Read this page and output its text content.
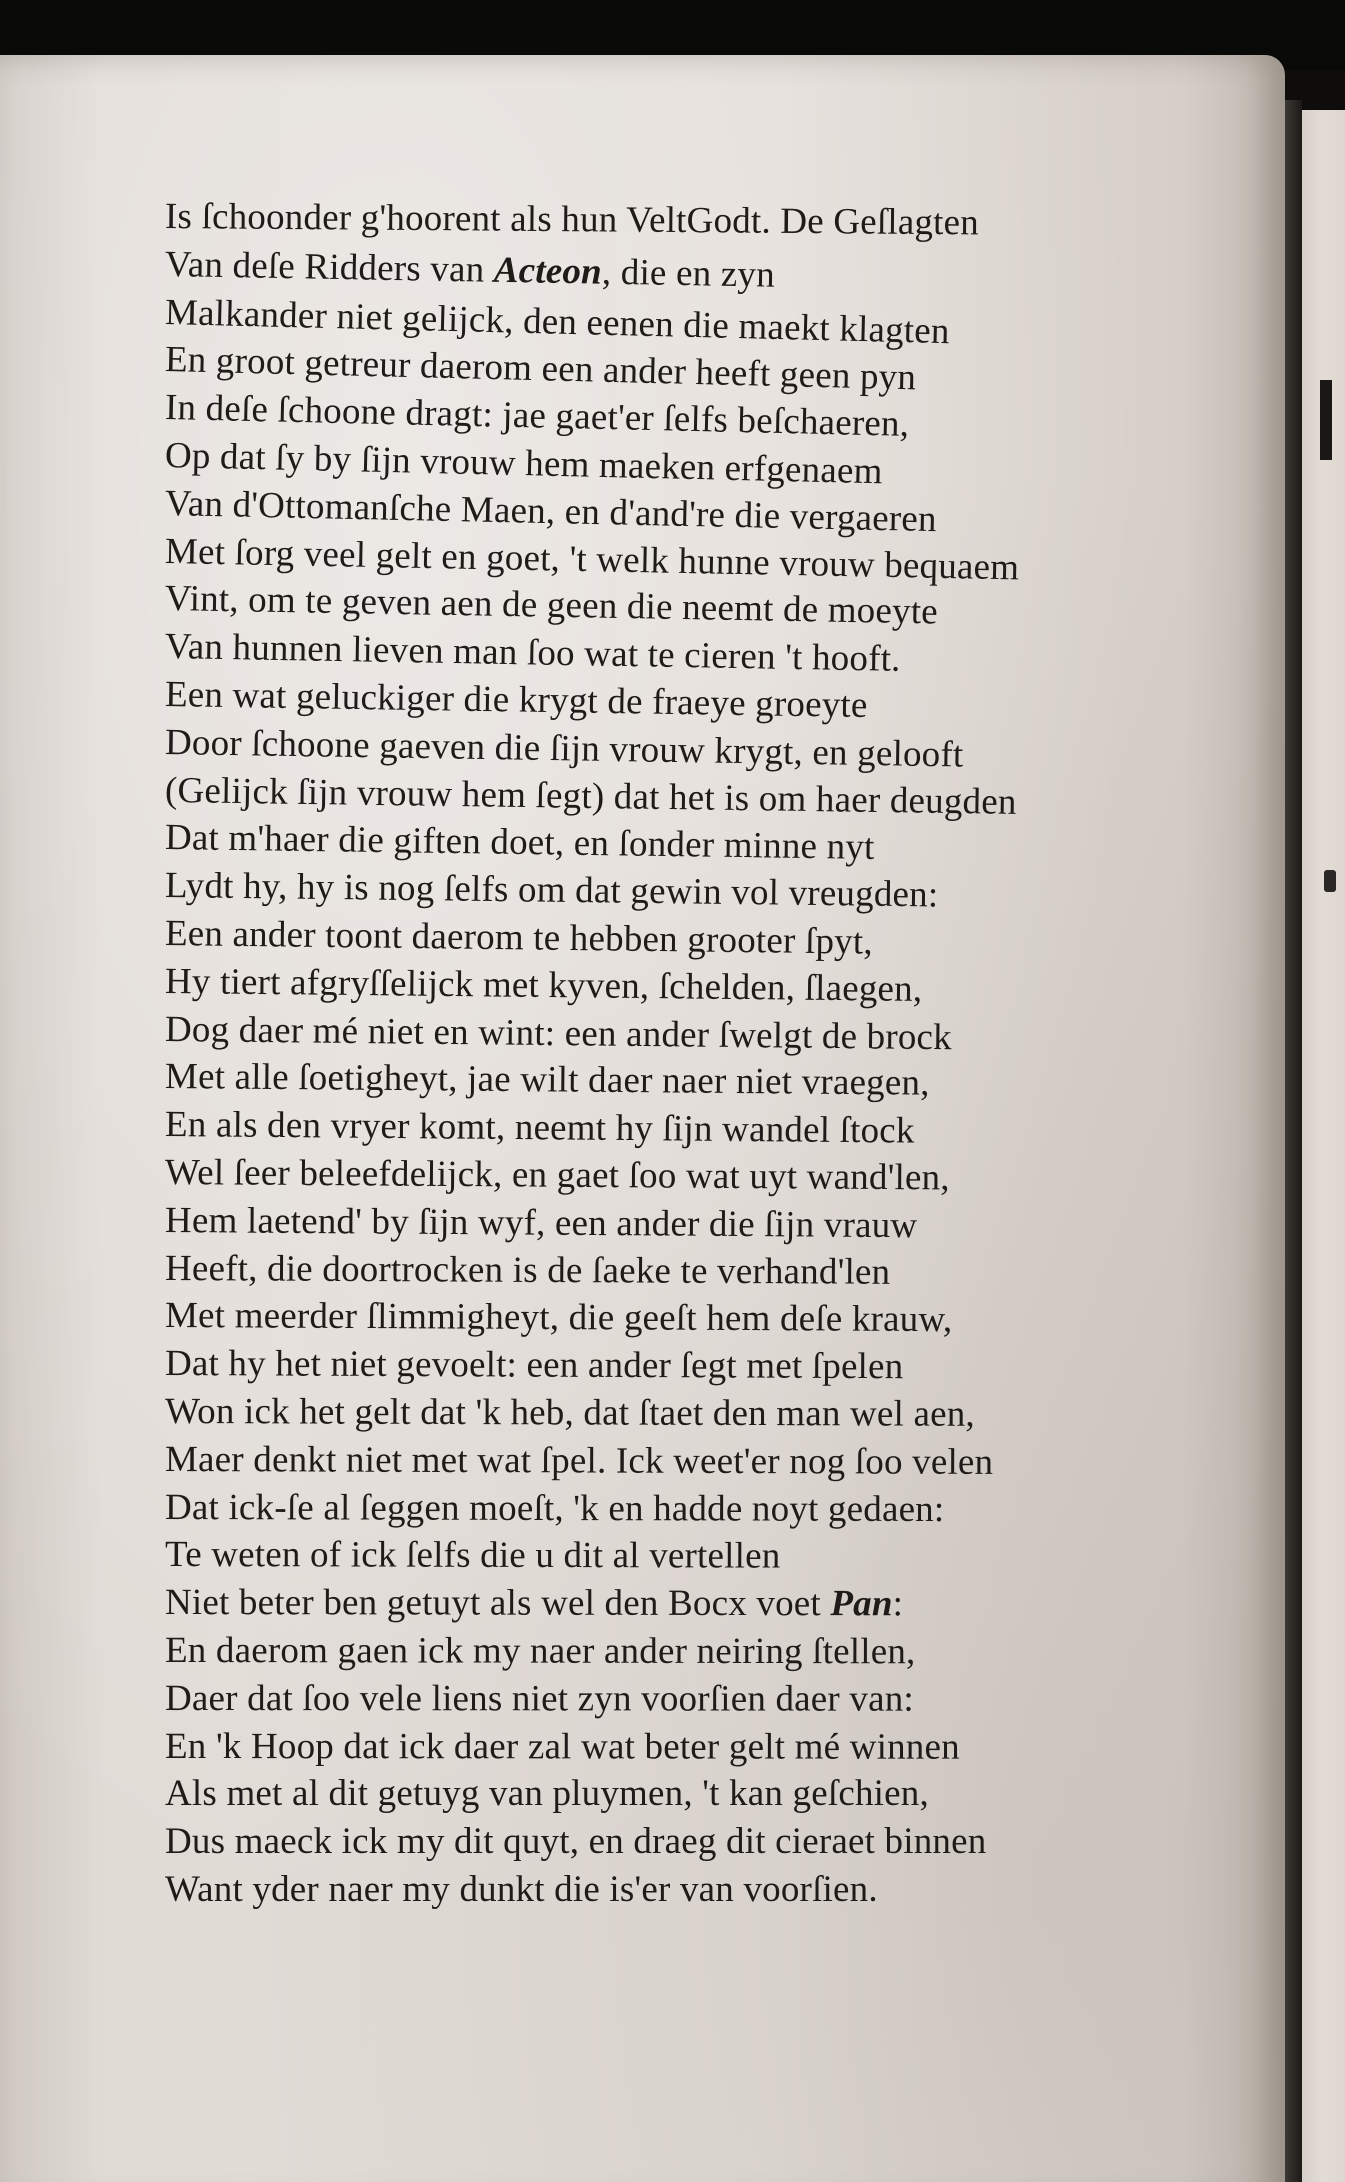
Is ſchoonder g'hoorent als hun VeltGodt. De Geſlagten
Van deſe Ridders van Acteon, die en zyn
Malkander niet gelijck, den eenen die maekt klagten
En groot getreur daerom een ander heeft geen pyn
In deſe ſchoone dragt: jae gaet'er ſelfs beſchaeren,
Op dat ſy by ſijn vrouw hem maeken erfgenaem
Van d'Ottomanſche Maen, en d'and're die vergaeren
Met ſorg veel gelt en goet, 't welk hunne vrouw bequaem
Vint, om te geven aen de geen die neemt de moeyte
Van hunnen lieven man ſoo wat te cieren 't hooft.
Een wat geluckiger die krygt de fraeye groeyte
Door ſchoone gaeven die ſijn vrouw krygt, en gelooft
(Gelijck ſijn vrouw hem ſegt) dat het is om haer deugden
Dat m'haer die giften doet, en ſonder minne nyt
Lydt hy, hy is nog ſelfs om dat gewin vol vreugden:
Een ander toont daerom te hebben grooter ſpyt,
Hy tiert afgryſſelijck met kyven, ſchelden, ſlaegen,
Dog daer mé niet en wint: een ander ſwelgt de brock
Met alle ſoetigheyt, jae wilt daer naer niet vraegen,
En als den vryer komt, neemt hy ſijn wandel ſtock
Wel ſeer beleefdelijck, en gaet ſoo wat uyt wand'len,
Hem laetend' by ſijn wyf, een ander die ſijn vrauw
Heeft, die doortrocken is de ſaeke te verhand'len
Met meerder ſlimmigheyt, die geeſt hem deſe krauw,
Dat hy het niet gevoelt: een ander ſegt met ſpelen
Won ick het gelt dat 'k heb, dat ſtaet den man wel aen,
Maer denkt niet met wat ſpel. Ick weet'er nog ſoo velen
Dat ick-ſe al ſeggen moeſt, 'k en hadde noyt gedaen:
Te weten of ick ſelfs die u dit al vertellen
Niet beter ben getuyt als wel den Bocx voet Pan:
En daerom gaen ick my naer ander neiring ſtellen,
Daer dat ſoo vele liens niet zyn voorſien daer van:
En 'k Hoop dat ick daer zal wat beter gelt mé winnen
Als met al dit getuyg van pluymen, 't kan geſchien,
Dus maeck ick my dit quyt, en draeg dit cieraet binnen
Want yder naer my dunkt die is'er van voorſien.
